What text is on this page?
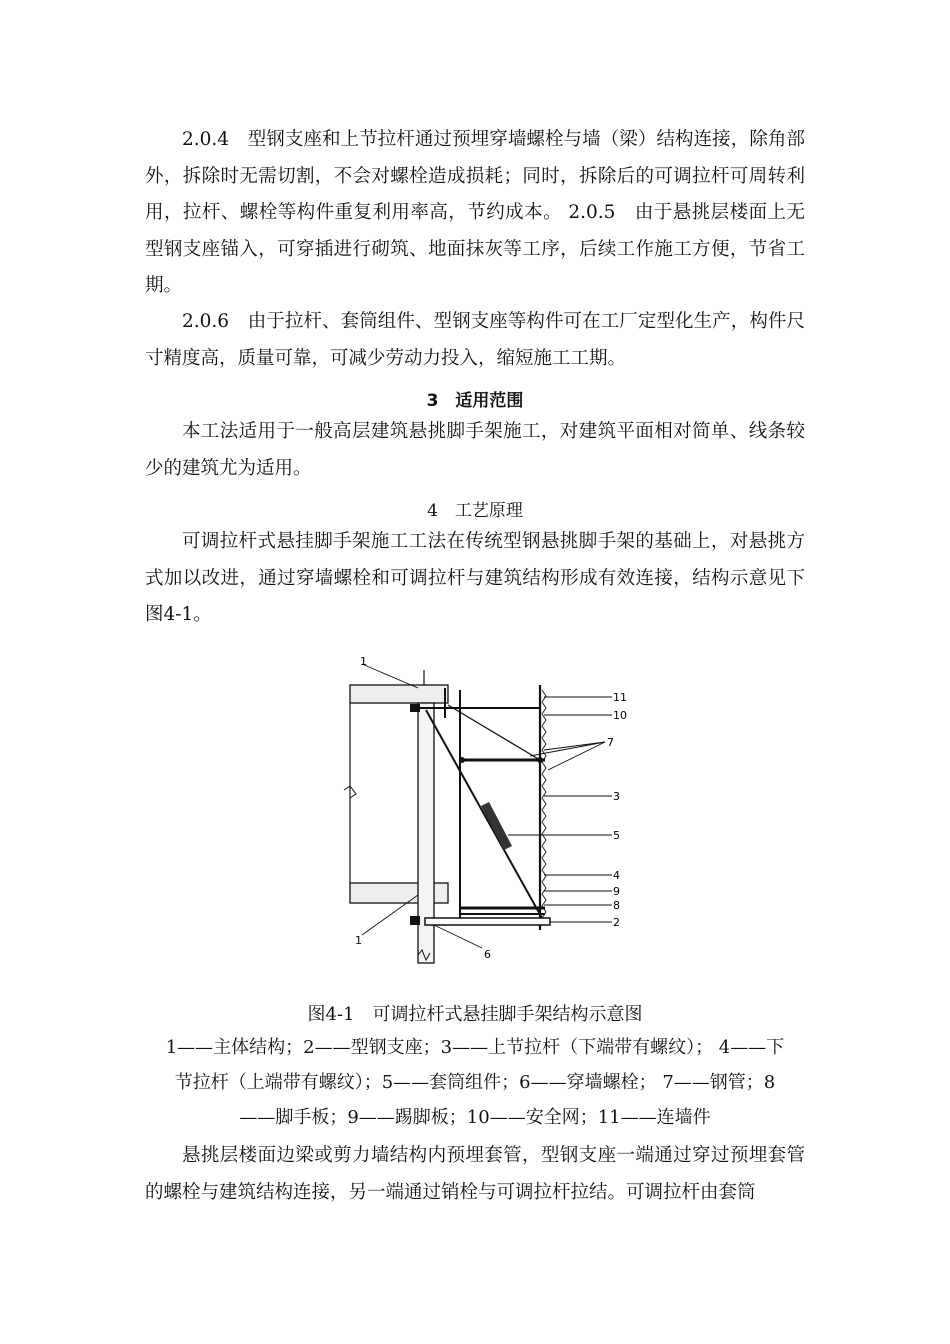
2.0.4　型钢支座和上节拉杆通过预埋穿墙螺栓与墙（梁）结构连接，除角部外，拆除时无需切割，不会对螺栓造成损耗；同时，拆除后的可调拉杆可周转利用，拉杆、螺栓等构件重复利用率高，节约成本。 2.0.5　由于悬挑层楼面上无型钢支座锚入，可穿插进行砌筑、地面抹灰等工序，后续工作施工方便，节省工期。

2.0.6　由于拉杆、套筒组件、型钢支座等构件可在工厂定型化生产，构件尺寸精度高，质量可靠，可减少劳动力投入，缩短施工工期。

3　适用范围

本工法适用于一般高层建筑悬挑脚手架施工，对建筑平面相对简单、线条较少的建筑尤为适用。

4　工艺原理

可调拉杆式悬挂脚手架施工工法在传统型钢悬挑脚手架的基础上，对悬挑方式加以改进，通过穿墙螺栓和可调拉杆与建筑结构形成有效连接，结构示意见下图4-1。

1
1
11
10
7
3
5
4
9
8
2
6

图4-1　可调拉杆式悬挂脚手架结构示意图

1——主体结构；2——型钢支座；3——上节拉杆（下端带有螺纹）； 4——下

节拉杆（上端带有螺纹）；5——套筒组件；6——穿墙螺栓； 7——钢管；8

——脚手板；9——踢脚板；10——安全网；11——连墙件

悬挑层楼面边梁或剪力墙结构内预埋套管，型钢支座一端通过穿过预埋套管的螺栓与建筑结构连接，另一端通过销栓与可调拉杆拉结。可调拉杆由套筒
